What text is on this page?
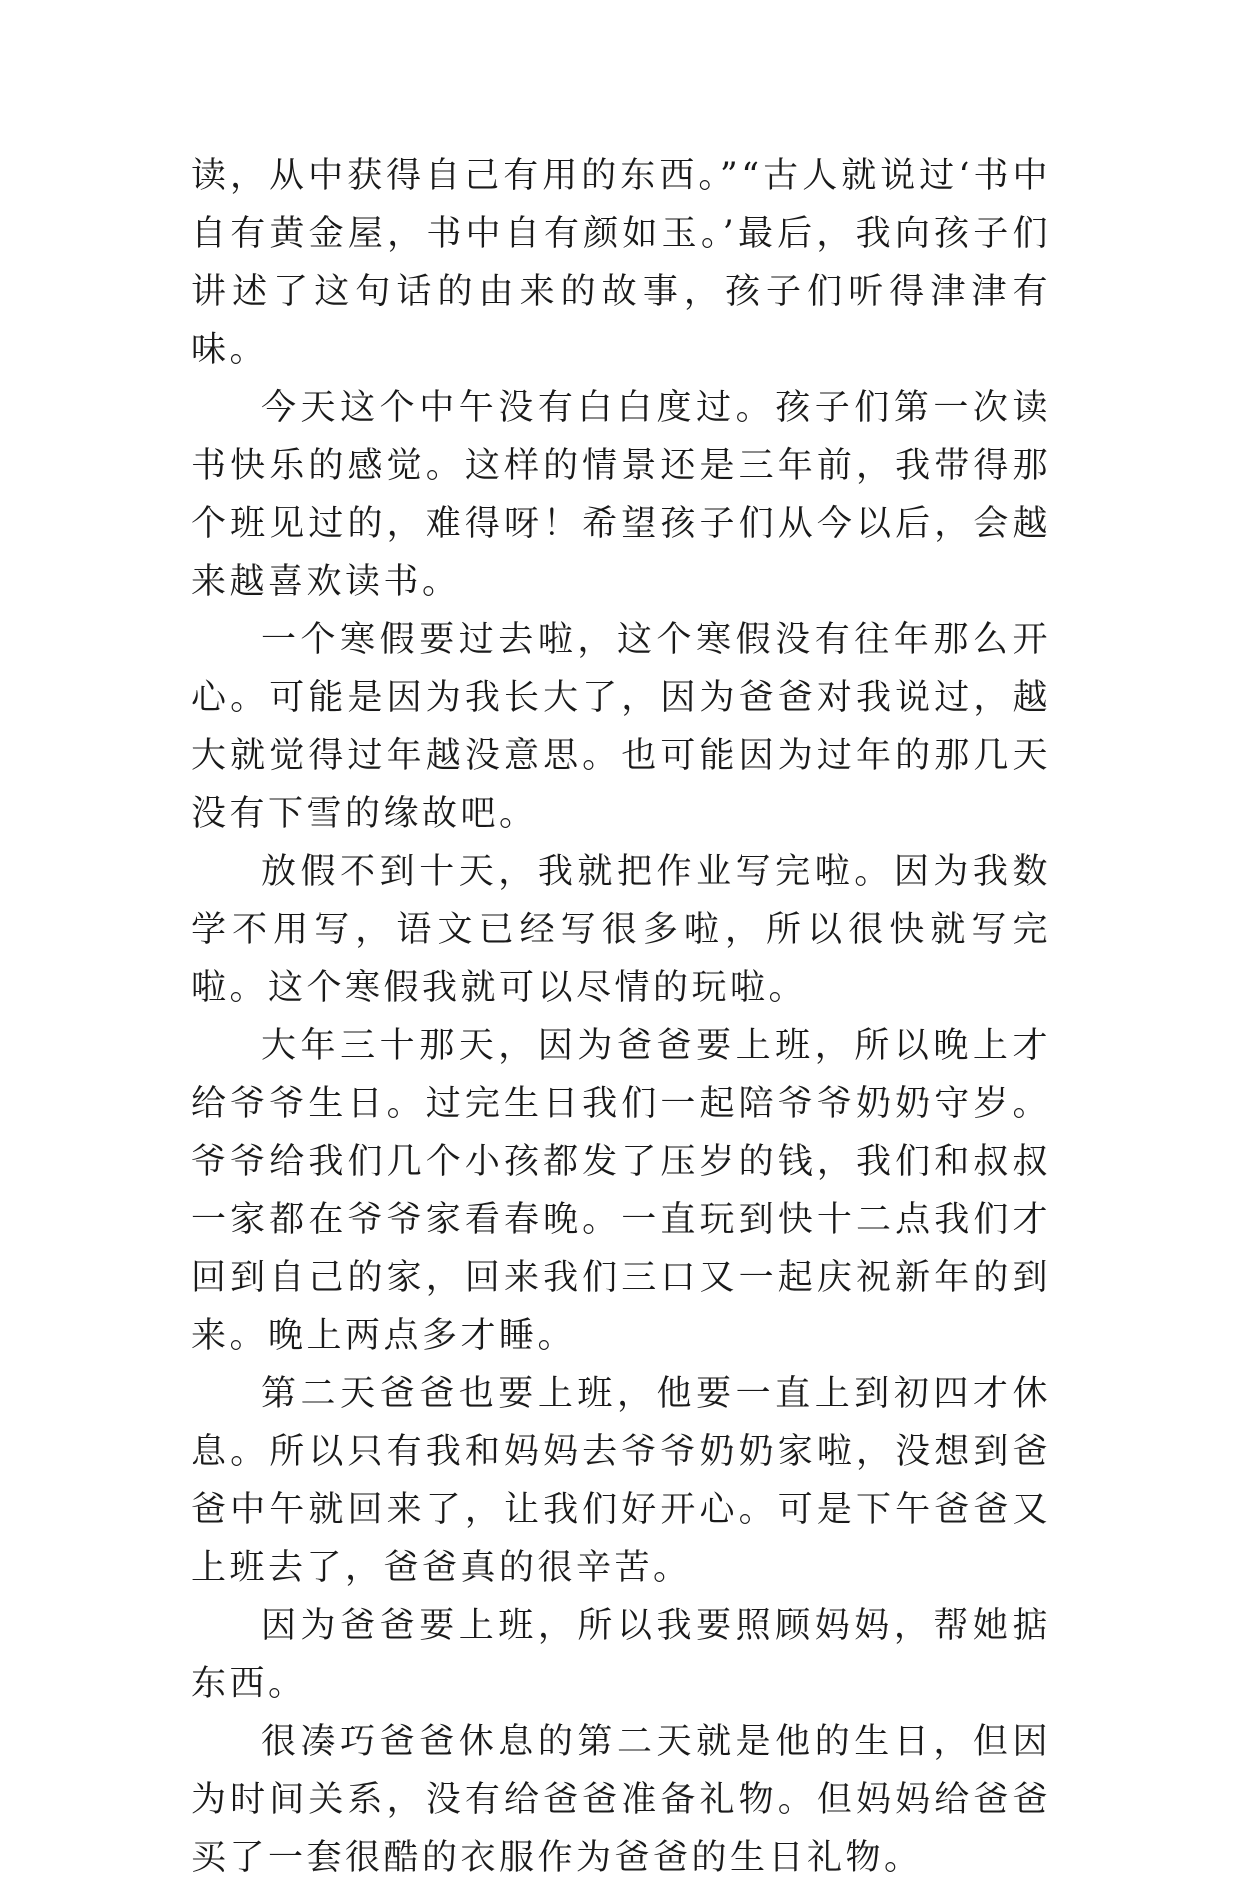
读，从中获得自己有用的东西。”“古人就说过‘书中自有黄金屋，书中自有颜如玉。’最后，我向孩子们讲述了这句话的由来的故事，孩子们听得津津有味。

今天这个中午没有白白度过。孩子们第一次读书快乐的感觉。这样的情景还是三年前，我带得那个班见过的，难得呀！希望孩子们从今以后，会越来越喜欢读书。

一个寒假要过去啦，这个寒假没有往年那么开心。可能是因为我长大了，因为爸爸对我说过，越大就觉得过年越没意思。也可能因为过年的那几天没有下雪的缘故吧。

放假不到十天，我就把作业写完啦。因为我数学不用写，语文已经写很多啦，所以很快就写完啦。这个寒假我就可以尽情的玩啦。

大年三十那天，因为爸爸要上班，所以晚上才给爷爷生日。过完生日我们一起陪爷爷奶奶守岁。爷爷给我们几个小孩都发了压岁的钱，我们和叔叔一家都在爷爷家看春晚。一直玩到快十二点我们才回到自己的家，回来我们三口又一起庆祝新年的到来。晚上两点多才睡。

第二天爸爸也要上班，他要一直上到初四才休息。所以只有我和妈妈去爷爷奶奶家啦，没想到爸爸中午就回来了，让我们好开心。可是下午爸爸又上班去了，爸爸真的很辛苦。

因为爸爸要上班，所以我要照顾妈妈，帮她掂东西。

很凑巧爸爸休息的第二天就是他的生日，但因为时间关系，没有给爸爸准备礼物。但妈妈给爸爸买了一套很酷的衣服作为爸爸的生日礼物。
